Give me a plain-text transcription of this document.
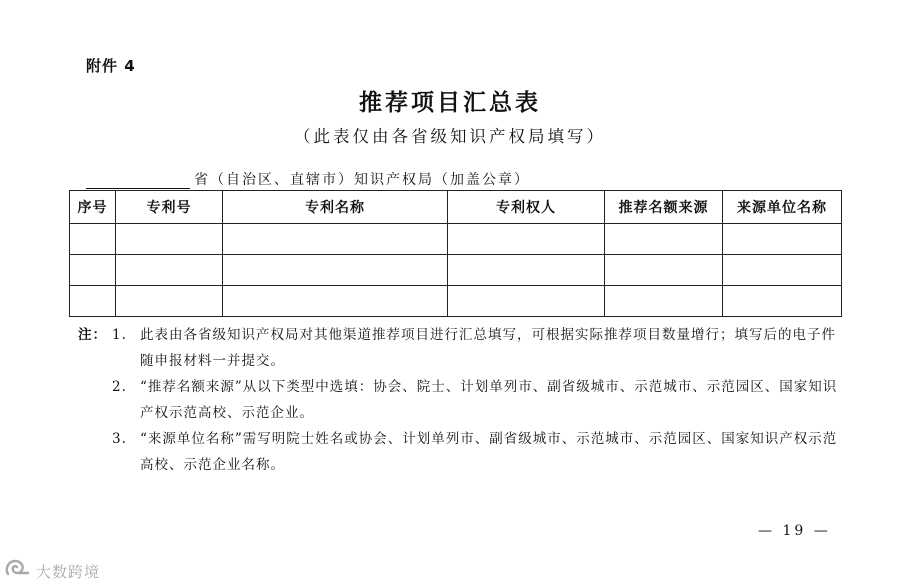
附件 4
推荐项目汇总表
（此表仅由各省级知识产权局填写）
省（自治区、直辖市）知识产权局（加盖公章）
序号	专利号	专利名称	专利权人	推荐名额来源	来源单位名称

注： 1. 此表由各省级知识产权局对其他渠道推荐项目进行汇总填写，可根据实际推荐项目数量增行；填写后的电子件随申报材料一并提交。
2. “推荐名额来源”从以下类型中选填：协会、院士、计划单列市、副省级城市、示范城市、示范园区、国家知识产权示范高校、示范企业。
3. “来源单位名称”需写明院士姓名或协会、计划单列市、副省级城市、示范城市、示范园区、国家知识产权示范高校、示范企业名称。
— 19 —
大数跨境
